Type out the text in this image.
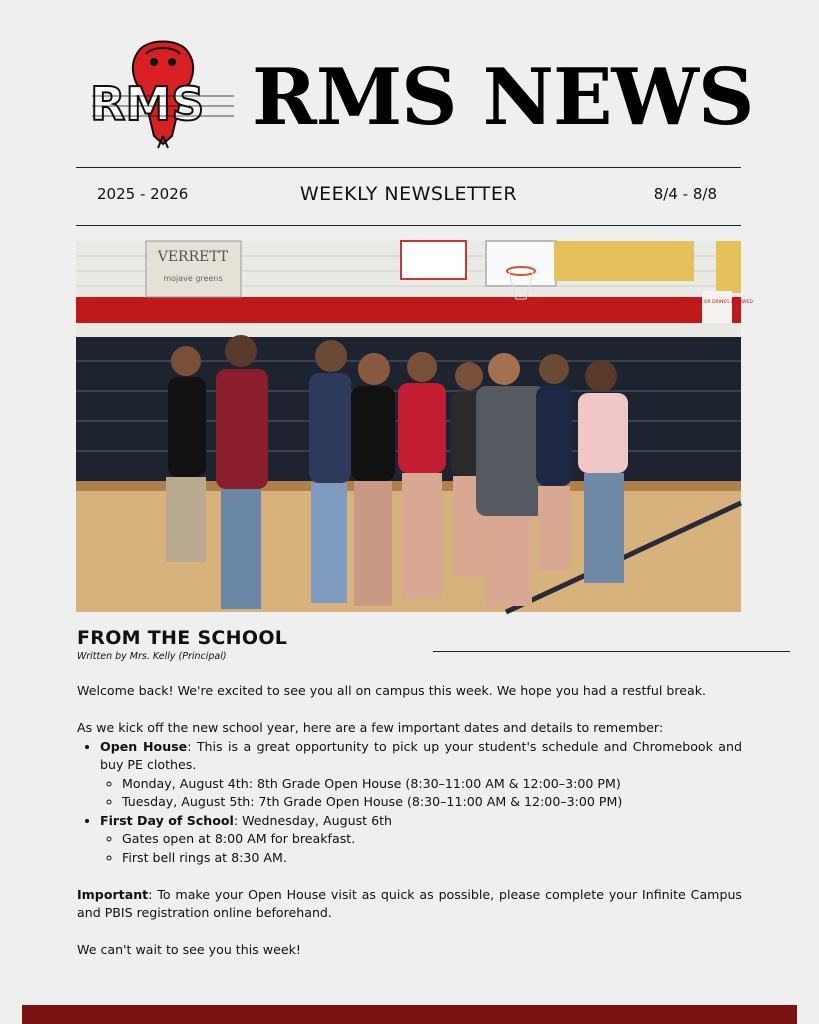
RMS RMS NEWS
2025 - 2026	WEEKLY NEWSLETTER	8/4 - 8/8
VERRETT
mojave greens
NO FOOD OR DRINKS ALLOWED
FROM THE SCHOOL
Written by Mrs. Kelly (Principal)

Welcome back! We're excited to see you all on campus this week. We hope you had a restful break.

As we kick off the new school year, here are a few important dates and details to remember:

• Open House: This is a great opportunity to pick up your student's schedule and Chromebook and buy PE clothes.
◦ Monday, August 4th: 8th Grade Open House (8:30–11:00 AM & 12:00–3:00 PM)
◦ Tuesday, August 5th: 7th Grade Open House (8:30–11:00 AM & 12:00–3:00 PM)
• First Day of School: Wednesday, August 6th
◦ Gates open at 8:00 AM for breakfast.
◦ First bell rings at 8:30 AM.

Important: To make your Open House visit as quick as possible, please complete your Infinite Campus and PBIS registration online beforehand.

We can't wait to see you this week!
